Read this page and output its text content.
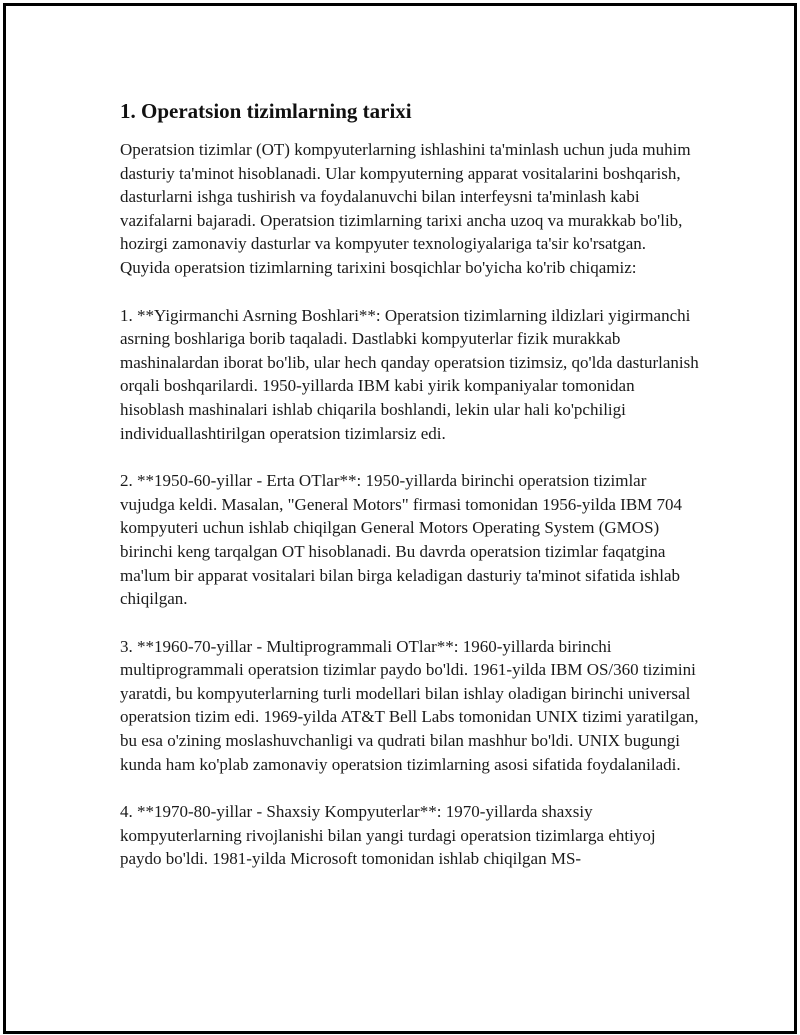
1. Operatsion tizimlarning tarixi

Operatsion tizimlar (OT) kompyuterlarning ishlashini ta'minlash uchun juda muhim dasturiy ta'minot hisoblanadi. Ular kompyuterning apparat vositalarini boshqarish, dasturlarni ishga tushirish va foydalanuvchi bilan interfeysni ta'minlash kabi vazifalarni bajaradi. Operatsion tizimlarning tarixi ancha uzoq va murakkab bo'lib, hozirgi zamonaviy dasturlar va kompyuter texnologiyalariga ta'sir ko'rsatgan. Quyida operatsion tizimlarning tarixini bosqichlar bo'yicha ko'rib chiqamiz:

1. **Yigirmanchi Asrning Boshlari**: Operatsion tizimlarning ildizlari yigirmanchi asrning boshlariga borib taqaladi. Dastlabki kompyuterlar fizik murakkab mashinalardan iborat bo'lib, ular hech qanday operatsion tizimsiz, qo'lda dasturlanish orqali boshqarilardi. 1950-yillarda IBM kabi yirik kompaniyalar tomonidan hisoblash mashinalari ishlab chiqarila boshlandi, lekin ular hali ko'pchiligi individuallashtirilgan operatsion tizimlarsiz edi.

2. **1950-60-yillar - Erta OTlar**: 1950-yillarda birinchi operatsion tizimlar vujudga keldi. Masalan, "General Motors" firmasi tomonidan 1956-yilda IBM 704 kompyuteri uchun ishlab chiqilgan General Motors Operating System (GMOS) birinchi keng tarqalgan OT hisoblanadi. Bu davrda operatsion tizimlar faqatgina ma'lum bir apparat vositalari bilan birga keladigan dasturiy ta'minot sifatida ishlab chiqilgan.

3. **1960-70-yillar - Multiprogrammali OTlar**: 1960-yillarda birinchi multiprogrammali operatsion tizimlar paydo bo'ldi. 1961-yilda IBM OS/360 tizimini yaratdi, bu kompyuterlarning turli modellari bilan ishlay oladigan birinchi universal operatsion tizim edi. 1969-yilda AT&T Bell Labs tomonidan UNIX tizimi yaratilgan, bu esa o'zining moslashuvchanligi va qudrati bilan mashhur bo'ldi. UNIX bugungi kunda ham ko'plab zamonaviy operatsion tizimlarning asosi sifatida foydalaniladi.

4. **1970-80-yillar - Shaxsiy Kompyuterlar**: 1970-yillarda shaxsiy kompyuterlarning rivojlanishi bilan yangi turdagi operatsion tizimlarga ehtiyoj paydo bo'ldi. 1981-yilda Microsoft tomonidan ishlab chiqilgan MS-
